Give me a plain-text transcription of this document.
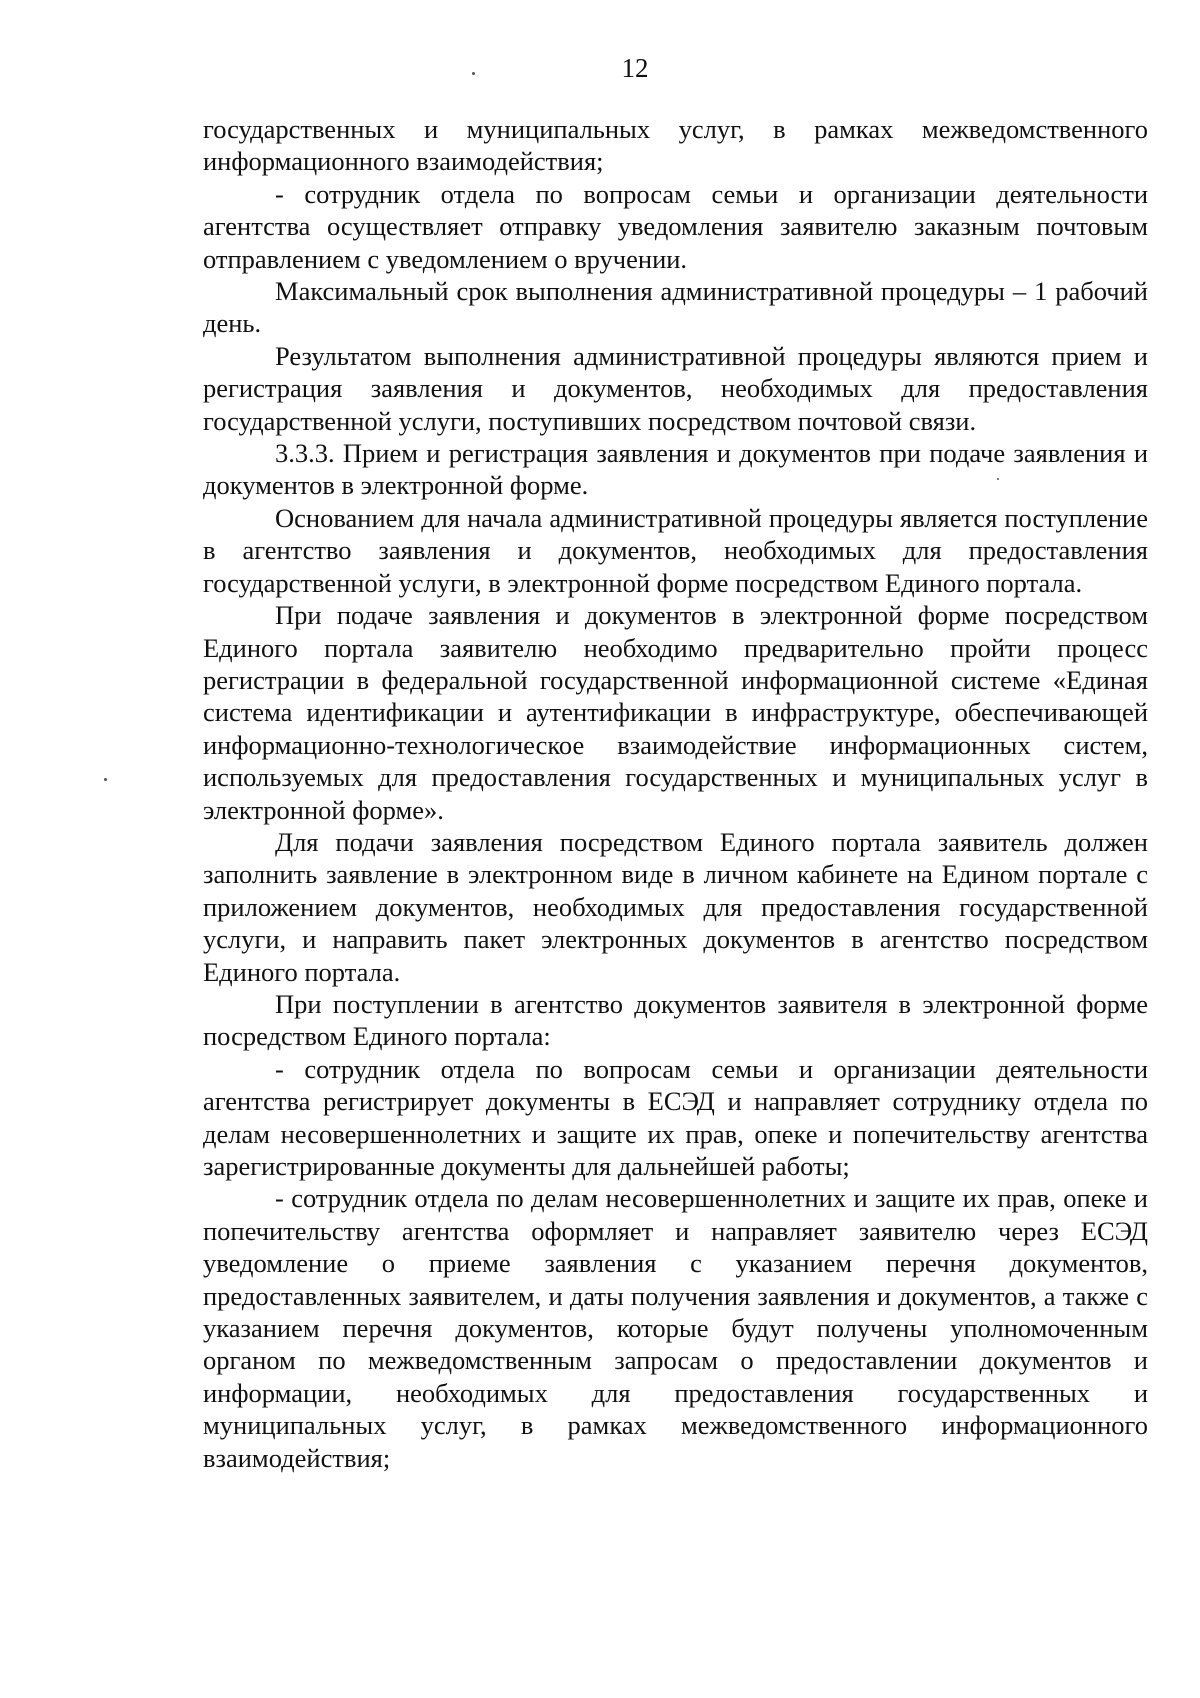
12

государственных и муниципальных услуг, в рамках межведомственного информационного взаимодействия;

- сотрудник отдела по вопросам семьи и организации деятельности агентства осуществляет отправку уведомления заявителю заказным почтовым отправлением с уведомлением о вручении.

Максимальный срок выполнения административной процедуры – 1 рабочий день.

Результатом выполнения административной процедуры являются прием и регистрация заявления и документов, необходимых для предоставления государственной услуги, поступивших посредством почтовой связи.

3.3.3. Прием и регистрация заявления и документов при подаче заявления и документов в электронной форме.

Основанием для начала административной процедуры является поступление в агентство заявления и документов, необходимых для предоставления государственной услуги, в электронной форме посредством Единого портала.

При подаче заявления и документов в электронной форме посредством Единого портала заявителю необходимо предварительно пройти процесс регистрации в федеральной государственной информационной системе «Единая система идентификации и аутентификации в инфраструктуре, обеспечивающей информационно-технологическое взаимодействие информационных систем, используемых для предоставления государственных и муниципальных услуг в электронной форме».

Для подачи заявления посредством Единого портала заявитель должен заполнить заявление в электронном виде в личном кабинете на Едином портале с приложением документов, необходимых для предоставления государственной услуги, и направить пакет электронных документов в агентство посредством Единого портала.

При поступлении в агентство документов заявителя в электронной форме посредством Единого портала:

- сотрудник отдела по вопросам семьи и организации деятельности агентства регистрирует документы в ЕСЭД и направляет сотруднику отдела по делам несовершеннолетних и защите их прав, опеке и попечительству агентства зарегистрированные документы для дальнейшей работы;

- сотрудник отдела по делам несовершеннолетних и защите их прав, опеке и попечительству агентства оформляет и направляет заявителю через ЕСЭД уведомление о приеме заявления с указанием перечня документов, предоставленных заявителем, и даты получения заявления и документов, а также с указанием перечня документов, которые будут получены уполномоченным органом по межведомственным запросам о предоставлении документов и информации, необходимых для предоставления государственных и муниципальных услуг, в рамках межведомственного информационного взаимодействия;
